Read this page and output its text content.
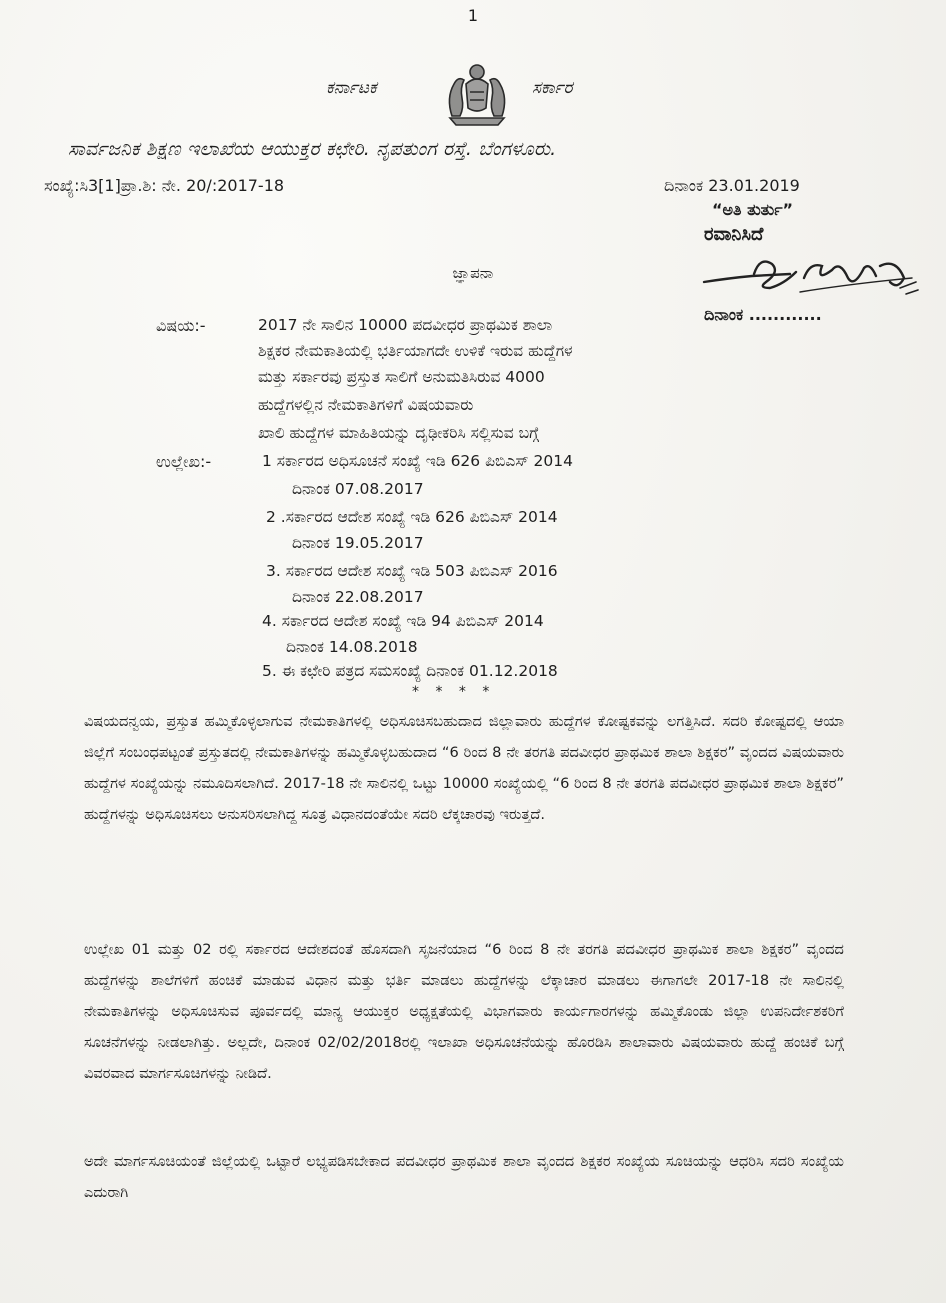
1
ಕರ್ನಾಟಕ	ಸರ್ಕಾರ
ಸಾರ್ವಜನಿಕ ಶಿಕ್ಷಣ ಇಲಾಖೆಯ ಆಯುಕ್ತರ ಕಛೇರಿ. ನೃಪತುಂಗ ರಸ್ತೆ. ಬೆಂಗಳೂರು.
ಸಂಖ್ಯೆ:ಸಿ3[1]ಪ್ರಾ.ಶಿ: ನೇ. 20/:2017-18	ದಿನಾಂಕ 23.01.2019
“ಅತಿ ತುರ್ತು”
ರವಾನಿಸಿದೆ
ದಿನಾಂಕ ............
ಜ್ಞಾಪನಾ
ವಿಷಯ:-	2017 ನೇ ಸಾಲಿನ 10000 ಪದವೀಧರ ಪ್ರಾಥಮಿಕ ಶಾಲಾ
ಶಿಕ್ಷಕರ ನೇಮಕಾತಿಯಲ್ಲಿ ಭರ್ತಿಯಾಗದೇ ಉಳಿಕೆ ಇರುವ ಹುದ್ದೆಗಳ
ಮತ್ತು ಸರ್ಕಾರವು ಪ್ರಸ್ತುತ ಸಾಲಿಗೆ ಅನುಮತಿಸಿರುವ 4000
ಹುದ್ದೆಗಳಲ್ಲಿನ ನೇಮಕಾತಿಗಳಿಗೆ ವಿಷಯವಾರು
ಖಾಲಿ ಹುದ್ದೆಗಳ ಮಾಹಿತಿಯನ್ನು ದೃಢೀಕರಿಸಿ ಸಲ್ಲಿಸುವ ಬಗ್ಗೆ
ಉಲ್ಲೇಖ:-	1 ಸರ್ಕಾರದ ಅಧಿಸೂಚನೆ ಸಂಖ್ಯೆ ಇಡಿ 626 ಪಿಬಿಎಸ್ 2014
ದಿನಾಂಕ 07.08.2017
2 .ಸರ್ಕಾರದ ಆದೇಶ ಸಂಖ್ಯೆ ಇಡಿ 626 ಪಿಬಿಎಸ್ 2014
ದಿನಾಂಕ 19.05.2017
3. ಸರ್ಕಾರದ ಆದೇಶ ಸಂಖ್ಯೆ ಇಡಿ 503 ಪಿಬಿಎಸ್ 2016
ದಿನಾಂಕ 22.08.2017
4. ಸರ್ಕಾರದ ಆದೇಶ ಸಂಖ್ಯೆ ಇಡಿ 94 ಪಿಬಿಎಸ್ 2014
ದಿನಾಂಕ 14.08.2018
5. ಈ ಕಛೇರಿ ಪತ್ರದ ಸಮಸಂಖ್ಯೆ ದಿನಾಂಕ 01.12.2018
* * * *
ವಿಷಯದನ್ವಯ, ಪ್ರಸ್ತುತ ಹಮ್ಮಿಕೊಳ್ಳಲಾಗುವ ನೇಮಕಾತಿಗಳಲ್ಲಿ ಅಧಿಸೂಚಿಸಬಹುದಾದ ಜಿಲ್ಲಾವಾರು ಹುದ್ದೆಗಳ ಕೋಷ್ಟಕವನ್ನು ಲಗತ್ತಿಸಿದೆ. ಸದರಿ ಕೋಷ್ಟದಲ್ಲಿ ಆಯಾ ಜಿಲ್ಲೆಗೆ ಸಂಬಂಧಪಟ್ಟಂತೆ ಪ್ರಸ್ತುತದಲ್ಲಿ ನೇಮಕಾತಿಗಳನ್ನು ಹಮ್ಮಿಕೊಳ್ಳಬಹುದಾದ “6 ರಿಂದ 8 ನೇ ತರಗತಿ ಪದವೀಧರ ಪ್ರಾಥಮಿಕ ಶಾಲಾ ಶಿಕ್ಷಕರ” ವೃಂದದ ವಿಷಯವಾರು ಹುದ್ದೆಗಳ ಸಂಖ್ಯೆಯನ್ನು ನಮೂದಿಸಲಾಗಿದೆ. 2017-18 ನೇ ಸಾಲಿನಲ್ಲಿ ಒಟ್ಟು 10000 ಸಂಖ್ಯೆಯಲ್ಲಿ “6 ರಿಂದ 8 ನೇ ತರಗತಿ ಪದವೀಧರ ಪ್ರಾಥಮಿಕ ಶಾಲಾ ಶಿಕ್ಷಕರ” ಹುದ್ದೆಗಳನ್ನು ಅಧಿಸೂಚಿಸಲು ಅನುಸರಿಸಲಾಗಿದ್ದ ಸೂತ್ರ ವಿಧಾನದಂತೆಯೇ ಸದರಿ ಲೆಕ್ಕಚಾರವು ಇರುತ್ತದೆ.
ಉಲ್ಲೇಖ 01 ಮತ್ತು 02 ರಲ್ಲಿ ಸರ್ಕಾರದ ಆದೇಶದಂತೆ ಹೊಸದಾಗಿ ಸೃಜನೆಯಾದ “6 ರಿಂದ 8 ನೇ ತರಗತಿ ಪದವೀಧರ ಪ್ರಾಥಮಿಕ ಶಾಲಾ ಶಿಕ್ಷಕರ” ವೃಂದದ ಹುದ್ದೆಗಳನ್ನು ಶಾಲೆಗಳಿಗೆ ಹಂಚಿಕೆ ಮಾಡುವ ವಿಧಾನ ಮತ್ತು ಭರ್ತಿ ಮಾಡಲು ಹುದ್ದೆಗಳನ್ನು ಲೆಕ್ಕಾಚಾರ ಮಾಡಲು ಈಗಾಗಲೇ 2017-18 ನೇ ಸಾಲಿನಲ್ಲಿ ನೇಮಕಾತಿಗಳನ್ನು ಅಧಿಸೂಚಿಸುವ ಪೂರ್ವದಲ್ಲಿ ಮಾನ್ಯ ಆಯುಕ್ತರ ಅಧ್ಯಕ್ಷತೆಯಲ್ಲಿ ವಿಭಾಗವಾರು ಕಾರ್ಯಗಾರಗಳನ್ನು ಹಮ್ಮಿಕೊಂಡು ಜಿಲ್ಲಾ ಉಪನಿರ್ದೇಶಕರಿಗೆ ಸೂಚನೆಗಳನ್ನು ನೀಡಲಾಗಿತ್ತು. ಅಲ್ಲದೇ, ದಿನಾಂಕ 02/02/2018ರಲ್ಲಿ ಇಲಾಖಾ ಅಧಿಸೂಚನೆಯನ್ನು ಹೊರಡಿಸಿ ಶಾಲಾವಾರು ವಿಷಯವಾರು ಹುದ್ದೆ ಹಂಚಿಕೆ ಬಗ್ಗೆ ವಿವರವಾದ ಮಾರ್ಗಸೂಚಿಗಳನ್ನು ನೀಡಿದೆ.
ಅದೇ ಮಾರ್ಗಸೂಚಿಯಂತೆ ಜಿಲ್ಲೆಯಲ್ಲಿ ಒಟ್ಟಾರೆ ಲಭ್ಯಪಡಿಸಬೇಕಾದ ಪದವೀಧರ ಪ್ರಾಥಮಿಕ ಶಾಲಾ ವೃಂದದ ಶಿಕ್ಷಕರ ಸಂಖ್ಯೆಯ ಸೂಚಿಯನ್ನು ಆಧರಿಸಿ ಸದರಿ ಸಂಖ್ಯೆಯ ಎದುರಾಗಿ
